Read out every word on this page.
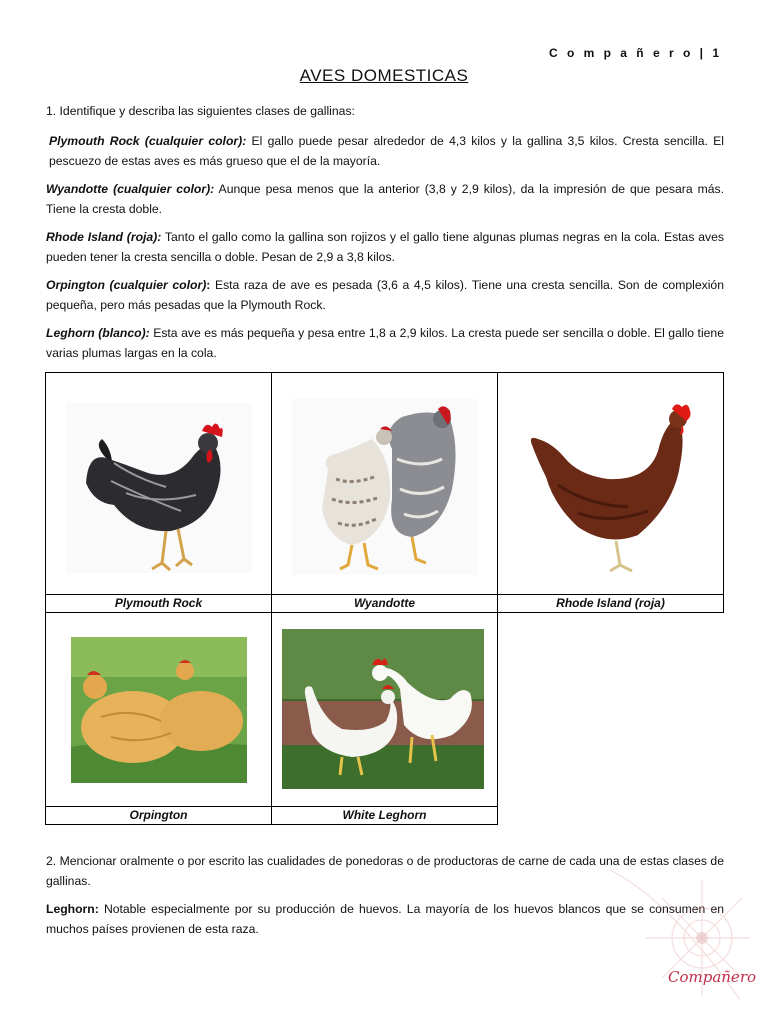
C o m p a ñ e r o | 1
AVES DOMESTICAS
1. Identifique y describa las siguientes clases de gallinas:
Plymouth Rock (cualquier color): El gallo puede pesar alrededor de 4,3 kilos y la gallina 3,5 kilos. Cresta sencilla. El pescuezo de estas aves es más grueso que el de la mayoría.
Wyandotte (cualquier color): Aunque pesa menos que la anterior (3,8 y 2,9 kilos), da la impresión de que pesara más. Tiene la cresta doble.
Rhode Island (roja): Tanto el gallo como la gallina son rojizos y el gallo tiene algunas plumas negras en la cola. Estas aves pueden tener la cresta sencilla o doble. Pesan de 2,9 a 3,8 kilos.
Orpington (cualquier color): Esta raza de ave es pesada (3,6 a 4,5 kilos). Tiene una cresta sencilla. Son de complexión pequeña, pero más pesadas que la Plymouth Rock.
Leghorn (blanco): Esta ave es más pequeña y pesa entre 1,8 a 2,9 kilos. La cresta puede ser sencilla o doble. El gallo tiene varias plumas largas en la cola.
Plymouth Rock	Wyandotte	Rhode Island (roja)
Orpington	White Leghorn
2. Mencionar oralmente o por escrito las cualidades de ponedoras o de productoras de carne de cada una de estas clases de gallinas.
Leghorn: Notable especialmente por su producción de huevos. La mayoría de los huevos blancos que se consumen en muchos países provienen de esta raza.
Compañero
